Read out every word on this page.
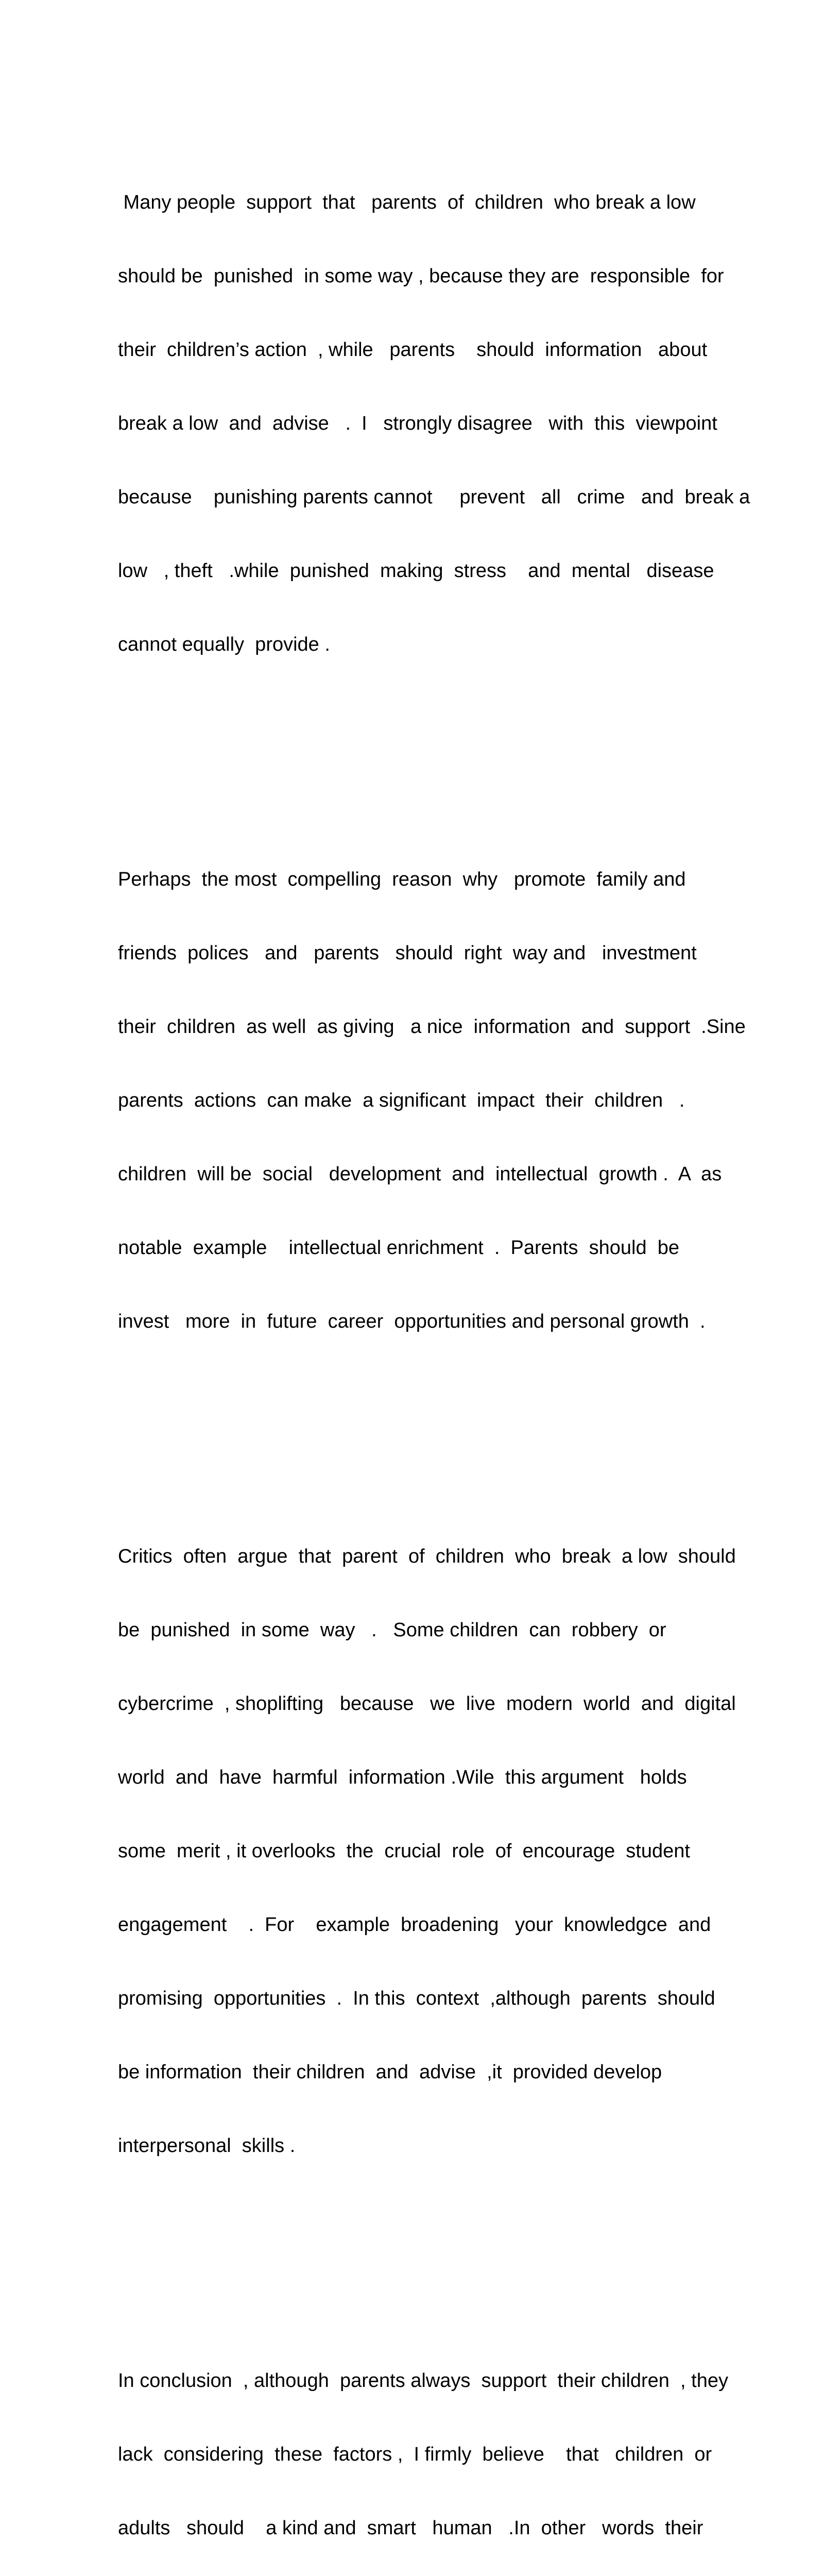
Many people  support  that   parents  of  children  who break a low

should be  punished  in some way , because they are  responsible  for

their  children’s action  , while   parents    should  information   about

break a low  and  advise   .  I   strongly disagree   with  this  viewpoint

because    punishing parents cannot     prevent   all   crime   and  break a

low   , theft   .while  punished  making  stress    and  mental   disease

cannot equally  provide .

Perhaps  the most  compelling  reason  why   promote  family and

friends  polices   and   parents   should  right  way and   investment

their  children  as well  as giving   a nice  information  and  support  .Sine

parents  actions  can make  a significant  impact  their  children   .

children  will be  social   development  and  intellectual  growth .  A  as

notable  example    intellectual enrichment  .  Parents  should  be

invest   more  in  future  career  opportunities and personal growth  .

Critics  often  argue  that  parent  of  children  who  break  a low  should

be  punished  in some  way   .   Some children  can  robbery  or

cybercrime  , shoplifting   because   we  live  modern  world  and  digital

world  and  have  harmful  information .Wile  this argument   holds

some  merit , it overlooks  the  crucial  role  of  encourage  student

engagement    .  For    example  broadening   your  knowledgce  and

promising  opportunities  .  In this  context  ,although  parents  should

be information  their children  and  advise  ,it  provided develop

interpersonal  skills .

In conclusion  , although  parents always  support  their children  , they

lack  considering  these  factors ,  I firmly  believe    that   children  or

adults   should    a kind and  smart   human   .In  other   words  their
